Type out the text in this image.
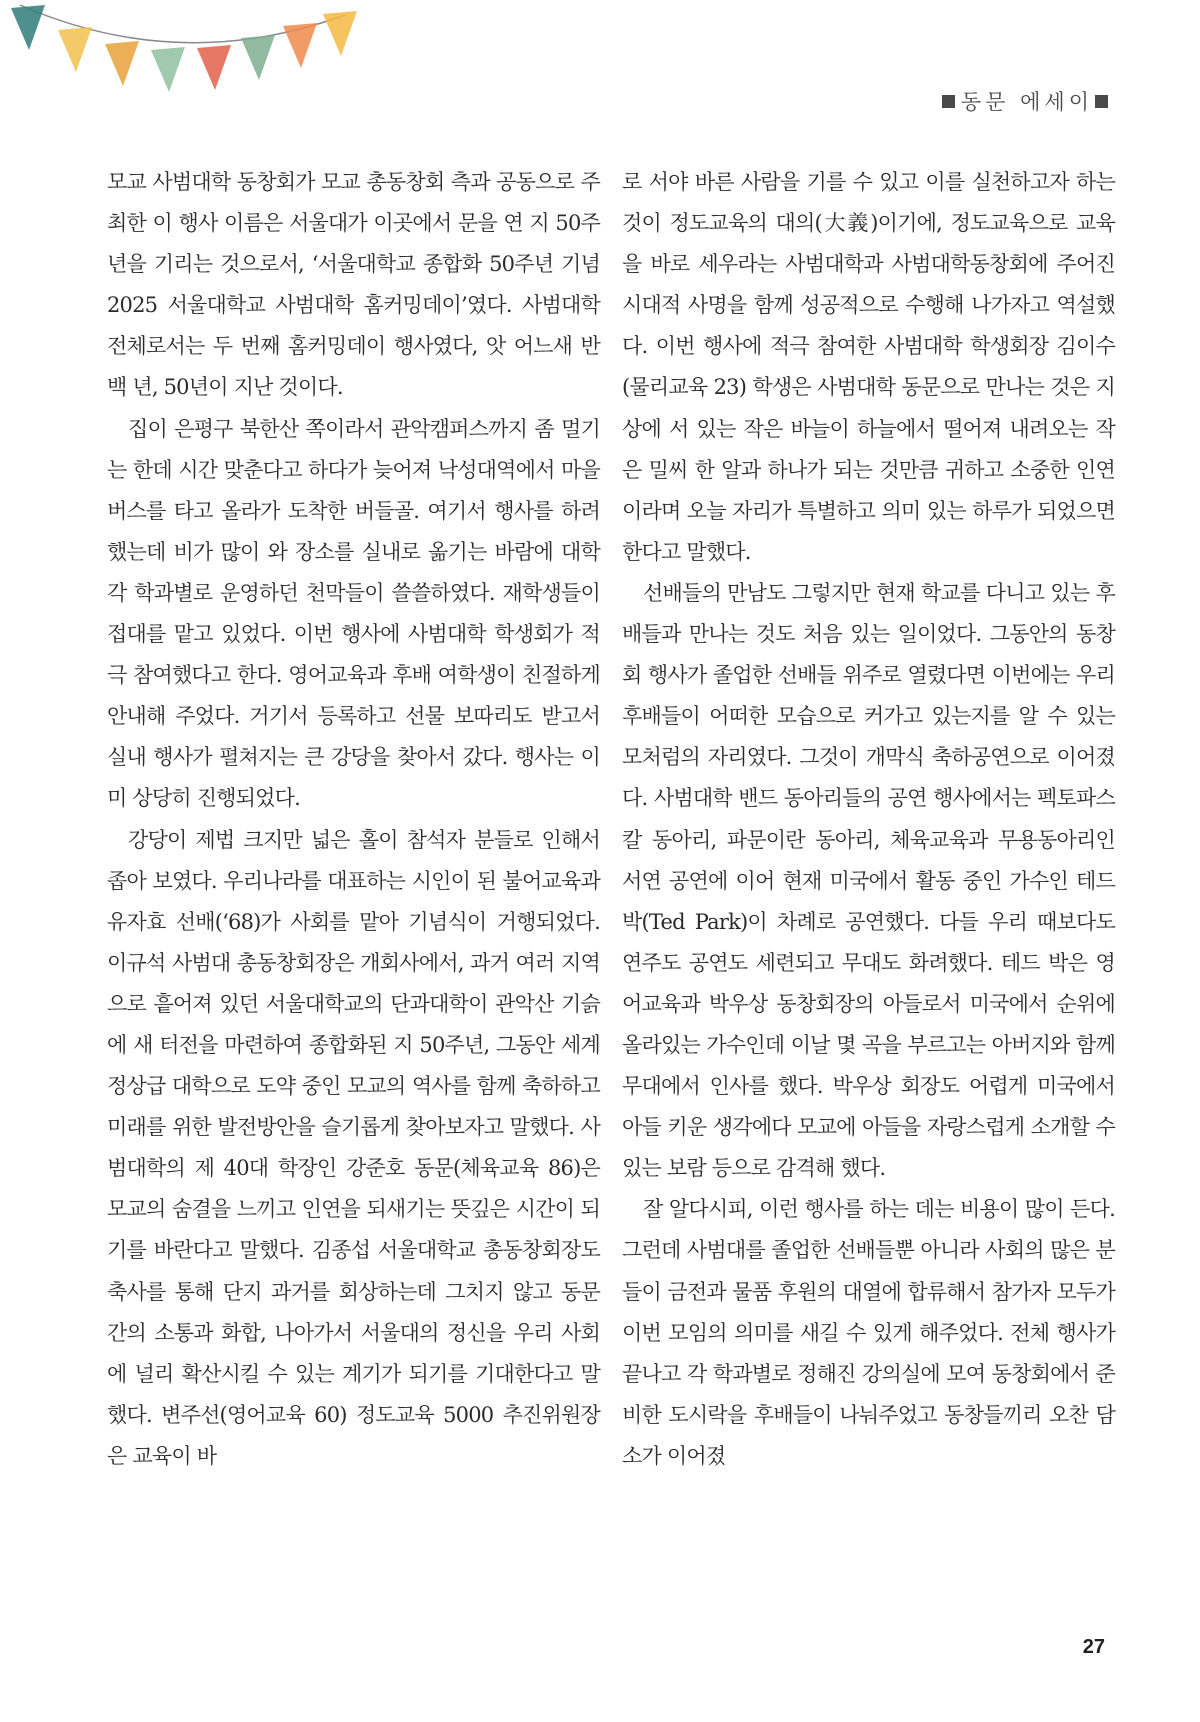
동문 에세이

모교 사범대학 동창회가 모교 총동창회 측과 공동으로 주최한 이 행사 이름은 서울대가 이곳에서 문을 연 지 50주년을 기리는 것으로서, ‘서울대학교 종합화 50주년 기념 2025 서울대학교 사범대학 홈커밍데이’였다. 사범대학 전체로서는 두 번째 홈커밍데이 행사였다, 앗 어느새 반 백 년, 50년이 지난 것이다.

집이 은평구 북한산 쪽이라서 관악캠퍼스까지 좀 멀기는 한데 시간 맞춘다고 하다가 늦어져 낙성대역에서 마을버스를 타고 올라가 도착한 버들골. 여기서 행사를 하려 했는데 비가 많이 와 장소를 실내로 옮기는 바람에 대학 각 학과별로 운영하던 천막들이 쓸쓸하였다. 재학생들이 접대를 맡고 있었다. 이번 행사에 사범대학 학생회가 적극 참여했다고 한다. 영어교육과 후배 여학생이 친절하게 안내해 주었다. 거기서 등록하고 선물 보따리도 받고서 실내 행사가 펼쳐지는 큰 강당을 찾아서 갔다. 행사는 이미 상당히 진행되었다.

강당이 제법 크지만 넓은 홀이 참석자 분들로 인해서 좁아 보였다. 우리나라를 대표하는 시인이 된 불어교육과 유자효 선배(‘68)가 사회를 맡아 기념식이 거행되었다. 이규석 사범대 총동창회장은 개회사에서, 과거 여러 지역으로 흩어져 있던 서울대학교의 단과대학이 관악산 기슭에 새 터전을 마련하여 종합화된 지 50주년, 그동안 세계 정상급 대학으로 도약 중인 모교의 역사를 함께 축하하고 미래를 위한 발전방안을 슬기롭게 찾아보자고 말했다. 사범대학의 제 40대 학장인 강준호 동문(체육교육 86)은 모교의 숨결을 느끼고 인연을 되새기는 뜻깊은 시간이 되기를 바란다고 말했다. 김종섭 서울대학교 총동창회장도 축사를 통해 단지 과거를 회상하는데 그치지 않고 동문 간의 소통과 화합, 나아가서 서울대의 정신을 우리 사회에 널리 확산시킬 수 있는 계기가 되기를 기대한다고 말했다. 변주선(영어교육 60) 정도교육 5000 추진위원장은 교육이 바

로 서야 바른 사람을 기를 수 있고 이를 실천하고자 하는 것이 정도교육의 대의(大義)이기에, 정도교육으로 교육을 바로 세우라는 사범대학과 사범대학동창회에 주어진 시대적 사명을 함께 성공적으로 수행해 나가자고 역설했다. 이번 행사에 적극 참여한 사범대학 학생회장 김이수(물리교육 23) 학생은 사범대학 동문으로 만나는 것은 지상에 서 있는 작은 바늘이 하늘에서 떨어져 내려오는 작은 밀씨 한 알과 하나가 되는 것만큼 귀하고 소중한 인연이라며 오늘 자리가 특별하고 의미 있는 하루가 되었으면 한다고 말했다.

선배들의 만남도 그렇지만 현재 학교를 다니고 있는 후배들과 만나는 것도 처음 있는 일이었다. 그동안의 동창회 행사가 졸업한 선배들 위주로 열렸다면 이번에는 우리 후배들이 어떠한 모습으로 커가고 있는지를 알 수 있는 모처럼의 자리였다. 그것이 개막식 축하공연으로 이어졌다. 사범대학 밴드 동아리들의 공연 행사에서는 펙토파스칼 동아리, 파문이란 동아리, 체육교육과 무용동아리인 서연 공연에 이어 현재 미국에서 활동 중인 가수인 테드 박(Ted Park)이 차례로 공연했다. 다들 우리 때보다도 연주도 공연도 세련되고 무대도 화려했다. 테드 박은 영어교육과 박우상 동창회장의 아들로서 미국에서 순위에 올라있는 가수인데 이날 몇 곡을 부르고는 아버지와 함께 무대에서 인사를 했다. 박우상 회장도 어렵게 미국에서 아들 키운 생각에다 모교에 아들을 자랑스럽게 소개할 수 있는 보람 등으로 감격해 했다.

잘 알다시피, 이런 행사를 하는 데는 비용이 많이 든다. 그런데 사범대를 졸업한 선배들뿐 아니라 사회의 많은 분들이 금전과 물품 후원의 대열에 합류해서 참가자 모두가 이번 모임의 의미를 새길 수 있게 해주었다. 전체 행사가 끝나고 각 학과별로 정해진 강의실에 모여 동창회에서 준비한 도시락을 후배들이 나눠주었고 동창들끼리 오찬 담소가 이어졌

27
